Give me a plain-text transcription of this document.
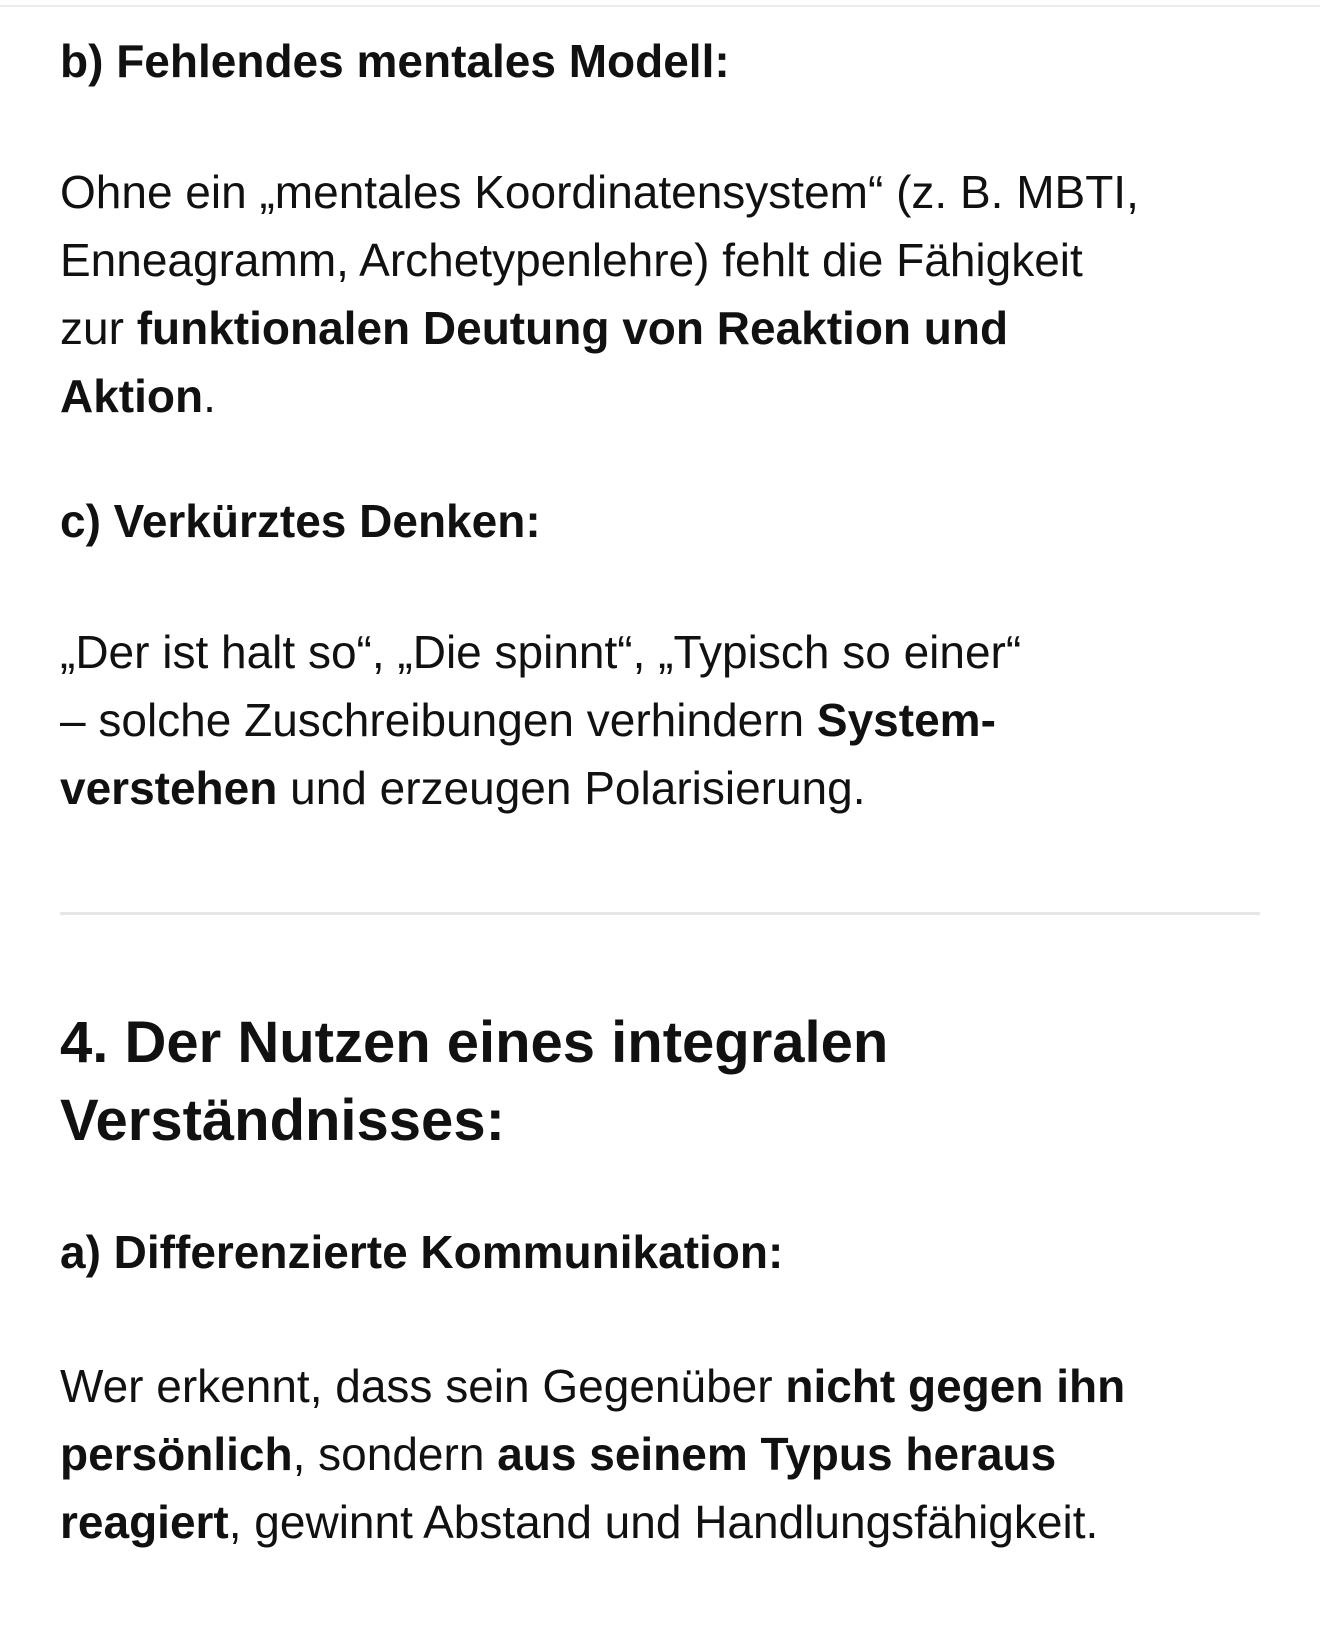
b) Fehlendes mentales Modell:
Ohne ein „mentales Koordinatensystem“ (z. B. MBTI,
Enneagramm, Archetypenlehre) fehlt die Fähigkeit
zur funktionalen Deutung von Reaktion und
Aktion.
c) Verkürztes Denken:
„Der ist halt so“, „Die spinnt“, „Typisch so einer“
– solche Zuschreibungen verhindern System-
verstehen und erzeugen Polarisierung.
4. Der Nutzen eines integralen
Verständnisses:
a) Differenzierte Kommunikation:
Wer erkennt, dass sein Gegenüber nicht gegen ihn
persönlich, sondern aus seinem Typus heraus
reagiert, gewinnt Abstand und Handlungsfähigkeit.
